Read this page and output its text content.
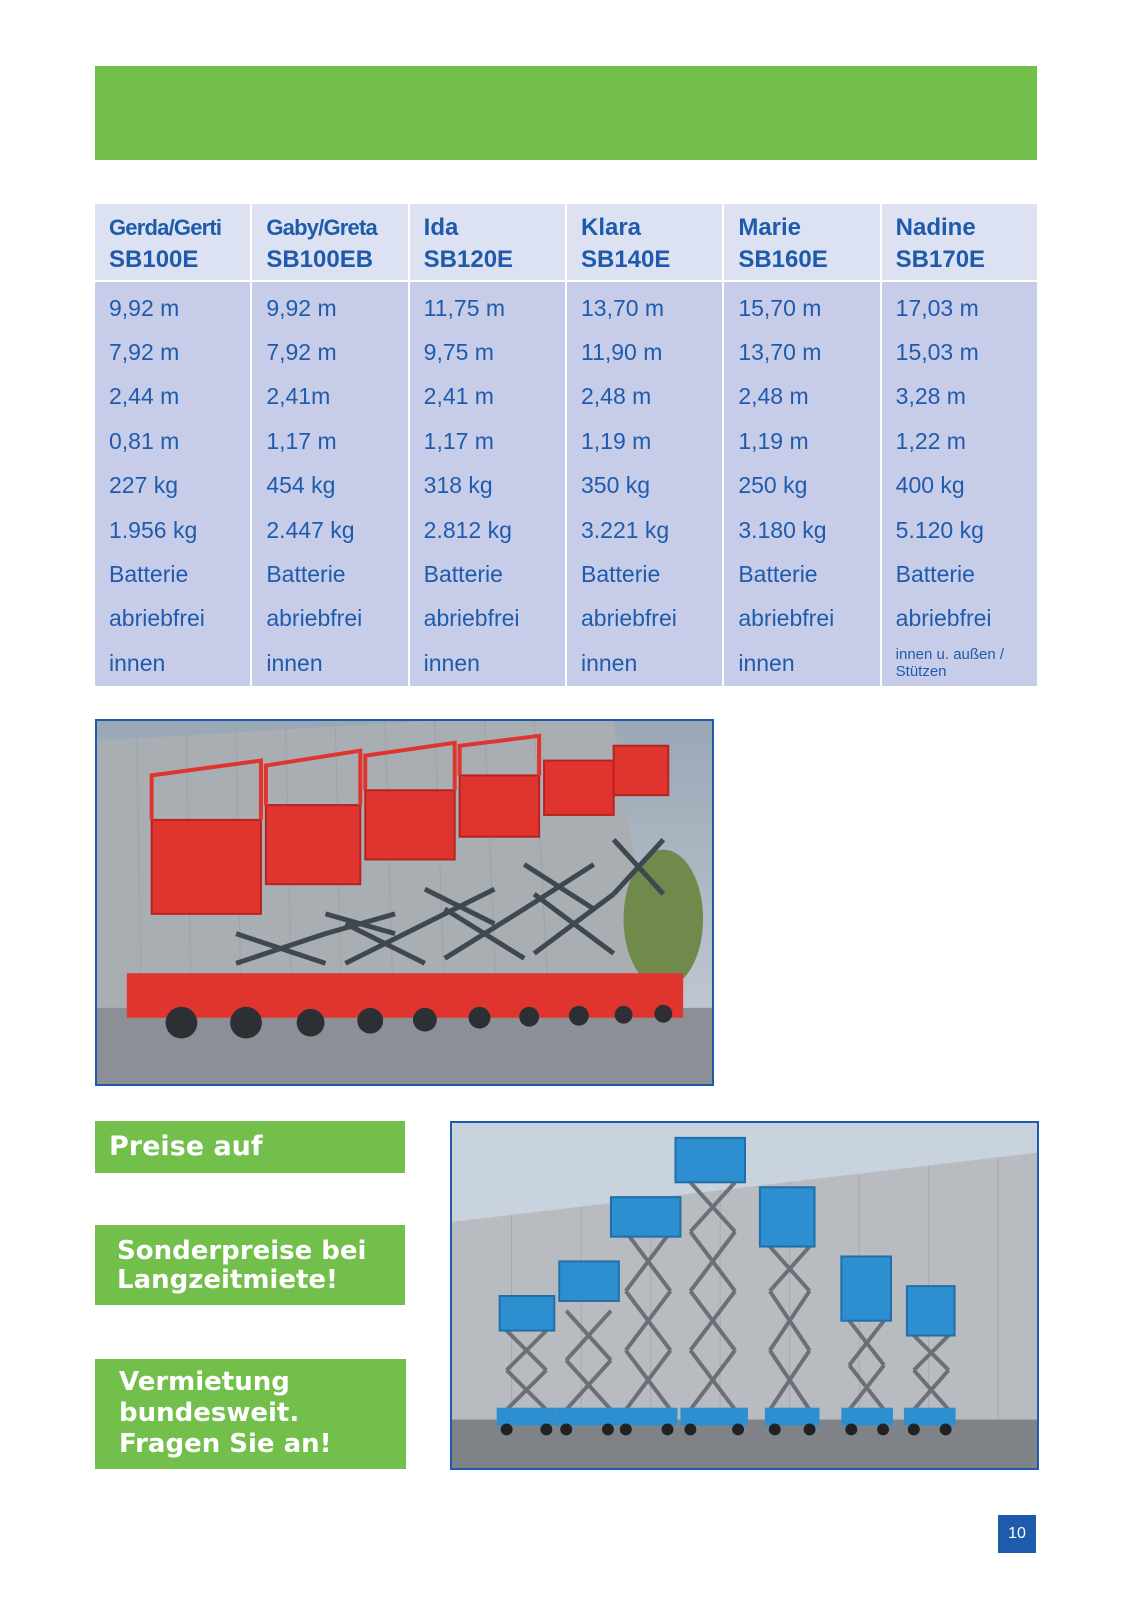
Gerda/Gerti
SB100E
9,92 m
7,92 m
2,44 m
0,81 m
227 kg
1.956 kg
Batterie
abriebfrei
innen
Gaby/Greta
SB100EB
9,92 m
7,92 m
2,41m
1,17 m
454 kg
2.447 kg
Batterie
abriebfrei
innen
Ida
SB120E
11,75 m
9,75 m
2,41 m
1,17 m
318 kg
2.812 kg
Batterie
abriebfrei
innen
Klara
SB140E
13,70 m
11,90 m
2,48 m
1,19 m
350 kg
3.221 kg
Batterie
abriebfrei
innen
Marie
SB160E
15,70 m
13,70 m
2,48 m
1,19 m
250 kg
3.180 kg
Batterie
abriebfrei
innen
Nadine
SB170E
17,03 m
15,03 m
3,28 m
1,22 m
400 kg
5.120 kg
Batterie
abriebfrei
innen u. außen /
Stützen
Preise auf Anfrage!
Sonderpreise bei
Langzeitmiete!
Vermietung
bundesweit.
Fragen Sie an!
10
